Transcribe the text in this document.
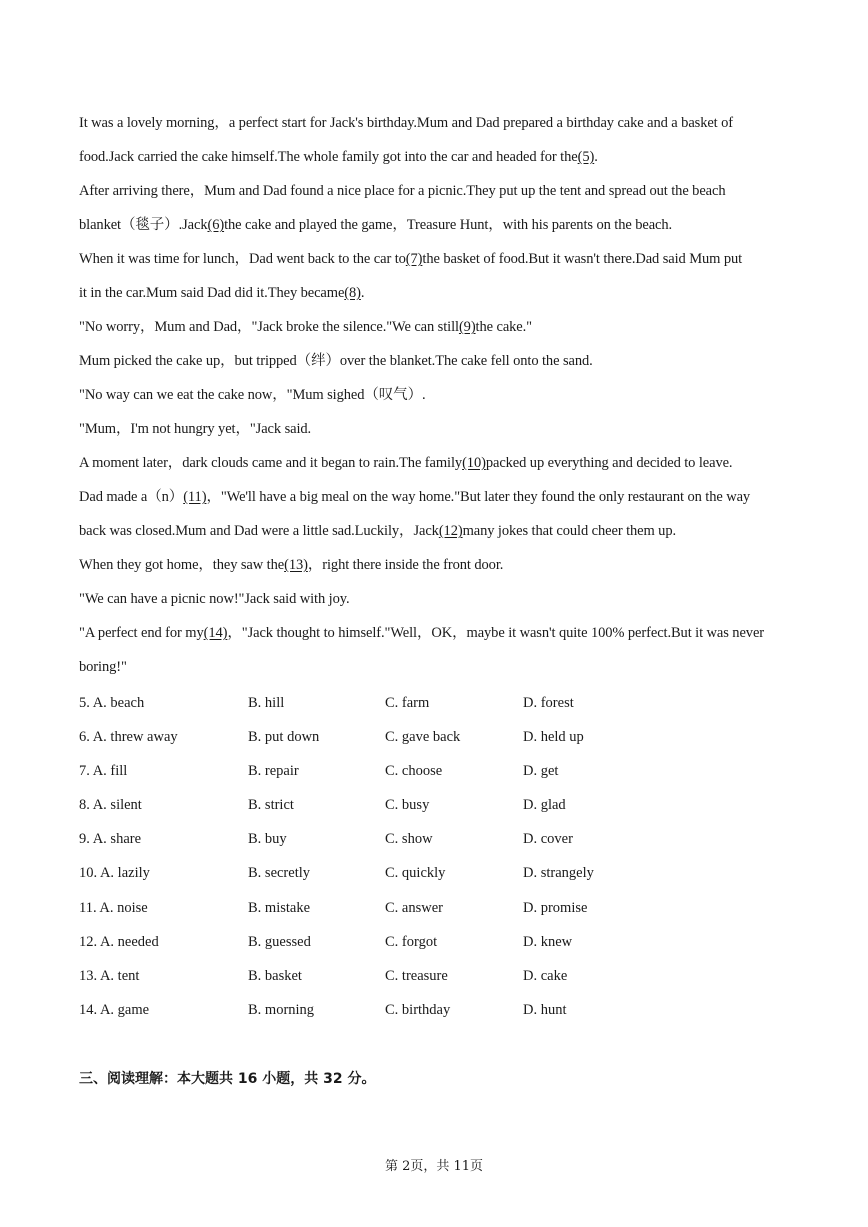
It was a lovely morning，a perfect start for Jack's birthday.Mum and Dad prepared a birthday cake and a basket of
food.Jack carried the cake himself.The whole family got into the car and headed for the(5).
After arriving there，Mum and Dad found a nice place for a picnic.They put up the tent and spread out the beach
blanket（毯子）.Jack(6)the cake and played the game，Treasure Hunt，with his parents on the beach.
When it was time for lunch，Dad went back to the car to(7)the basket of food.But it wasn't there.Dad said Mum put
it in the car.Mum said Dad did it.They became(8).
"No worry，Mum and Dad，"Jack broke the silence."We can still(9)the cake."
Mum picked the cake up，but tripped（绊）over the blanket.The cake fell onto the sand.
"No way can we eat the cake now，"Mum sighed（叹气）.
"Mum，I'm not hungry yet，"Jack said.
A moment later，dark clouds came and it began to rain.The family(10)packed up everything and decided to leave.
Dad made a（n）(11)，"We'll have a big meal on the way home."But later they found the only restaurant on the way
back was closed.Mum and Dad were a little sad.Luckily，Jack(12)many jokes that could cheer them up.
When they got home，they saw the(13)，right there inside the front door.
"We can have a picnic now!"Jack said with joy.
"A perfect end for my(14)，"Jack thought to himself."Well，OK，maybe it wasn't quite 100% perfect.But it was never
boring!"
5. A. beach	B. hill	C. farm	D. forest
6. A. threw away	B. put down	C. gave back	D. held up
7. A. fill	B. repair	C. choose	D. get
8. A. silent	B. strict	C. busy	D. glad
9. A. share	B. buy	C. show	D. cover
10. A. lazily	B. secretly	C. quickly	D. strangely
11. A. noise	B. mistake	C. answer	D. promise
12. A. needed	B. guessed	C. forgot	D. knew
13. A. tent	B. basket	C. treasure	D. cake
14. A. game	B. morning	C. birthday	D. hunt
三、阅读理解：本大题共 16 小题，共 32 分。
第 2页，共 11页
